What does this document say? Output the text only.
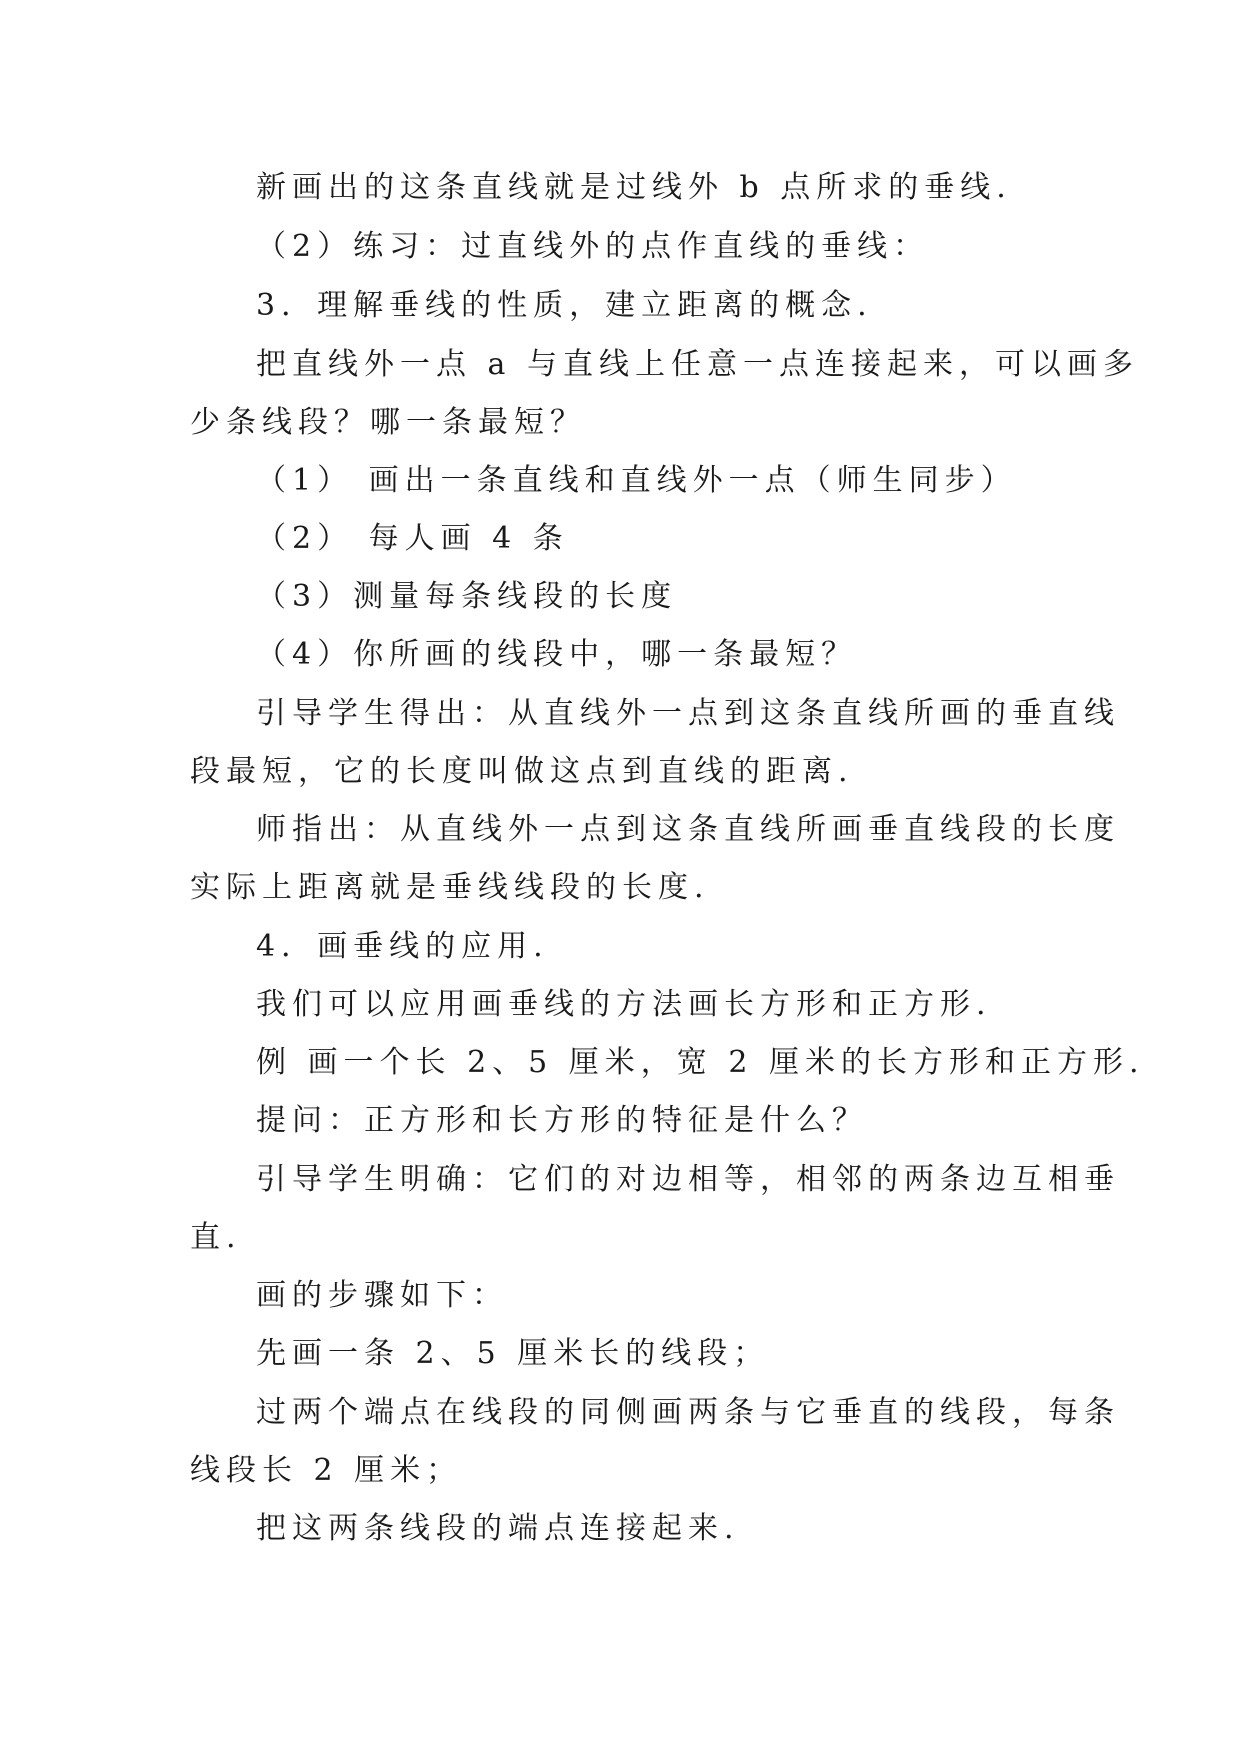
新画出的这条直线就是过线外 b 点所求的垂线.
（2）练习：过直线外的点作直线的垂线：
3．理解垂线的性质，建立距离的概念.
把直线外一点 a 与直线上任意一点连接起来，可以画多
少条线段？哪一条最短？
（1） 画出一条直线和直线外一点（师生同步）
（2） 每人画 4 条
（3）测量每条线段的长度
（4）你所画的线段中，哪一条最短？
引导学生得出：从直线外一点到这条直线所画的垂直线
段最短，它的长度叫做这点到直线的距离.
师指出：从直线外一点到这条直线所画垂直线段的长度
实际上距离就是垂线线段的长度.
4．画垂线的应用.
我们可以应用画垂线的方法画长方形和正方形.
例 画一个长 2、5 厘米，宽 2 厘米的长方形和正方形.
提问：正方形和长方形的特征是什么？
引导学生明确：它们的对边相等，相邻的两条边互相垂
直.
画的步骤如下：
先画一条 2、5 厘米长的线段；
过两个端点在线段的同侧画两条与它垂直的线段，每条
线段长 2 厘米；
把这两条线段的端点连接起来.
